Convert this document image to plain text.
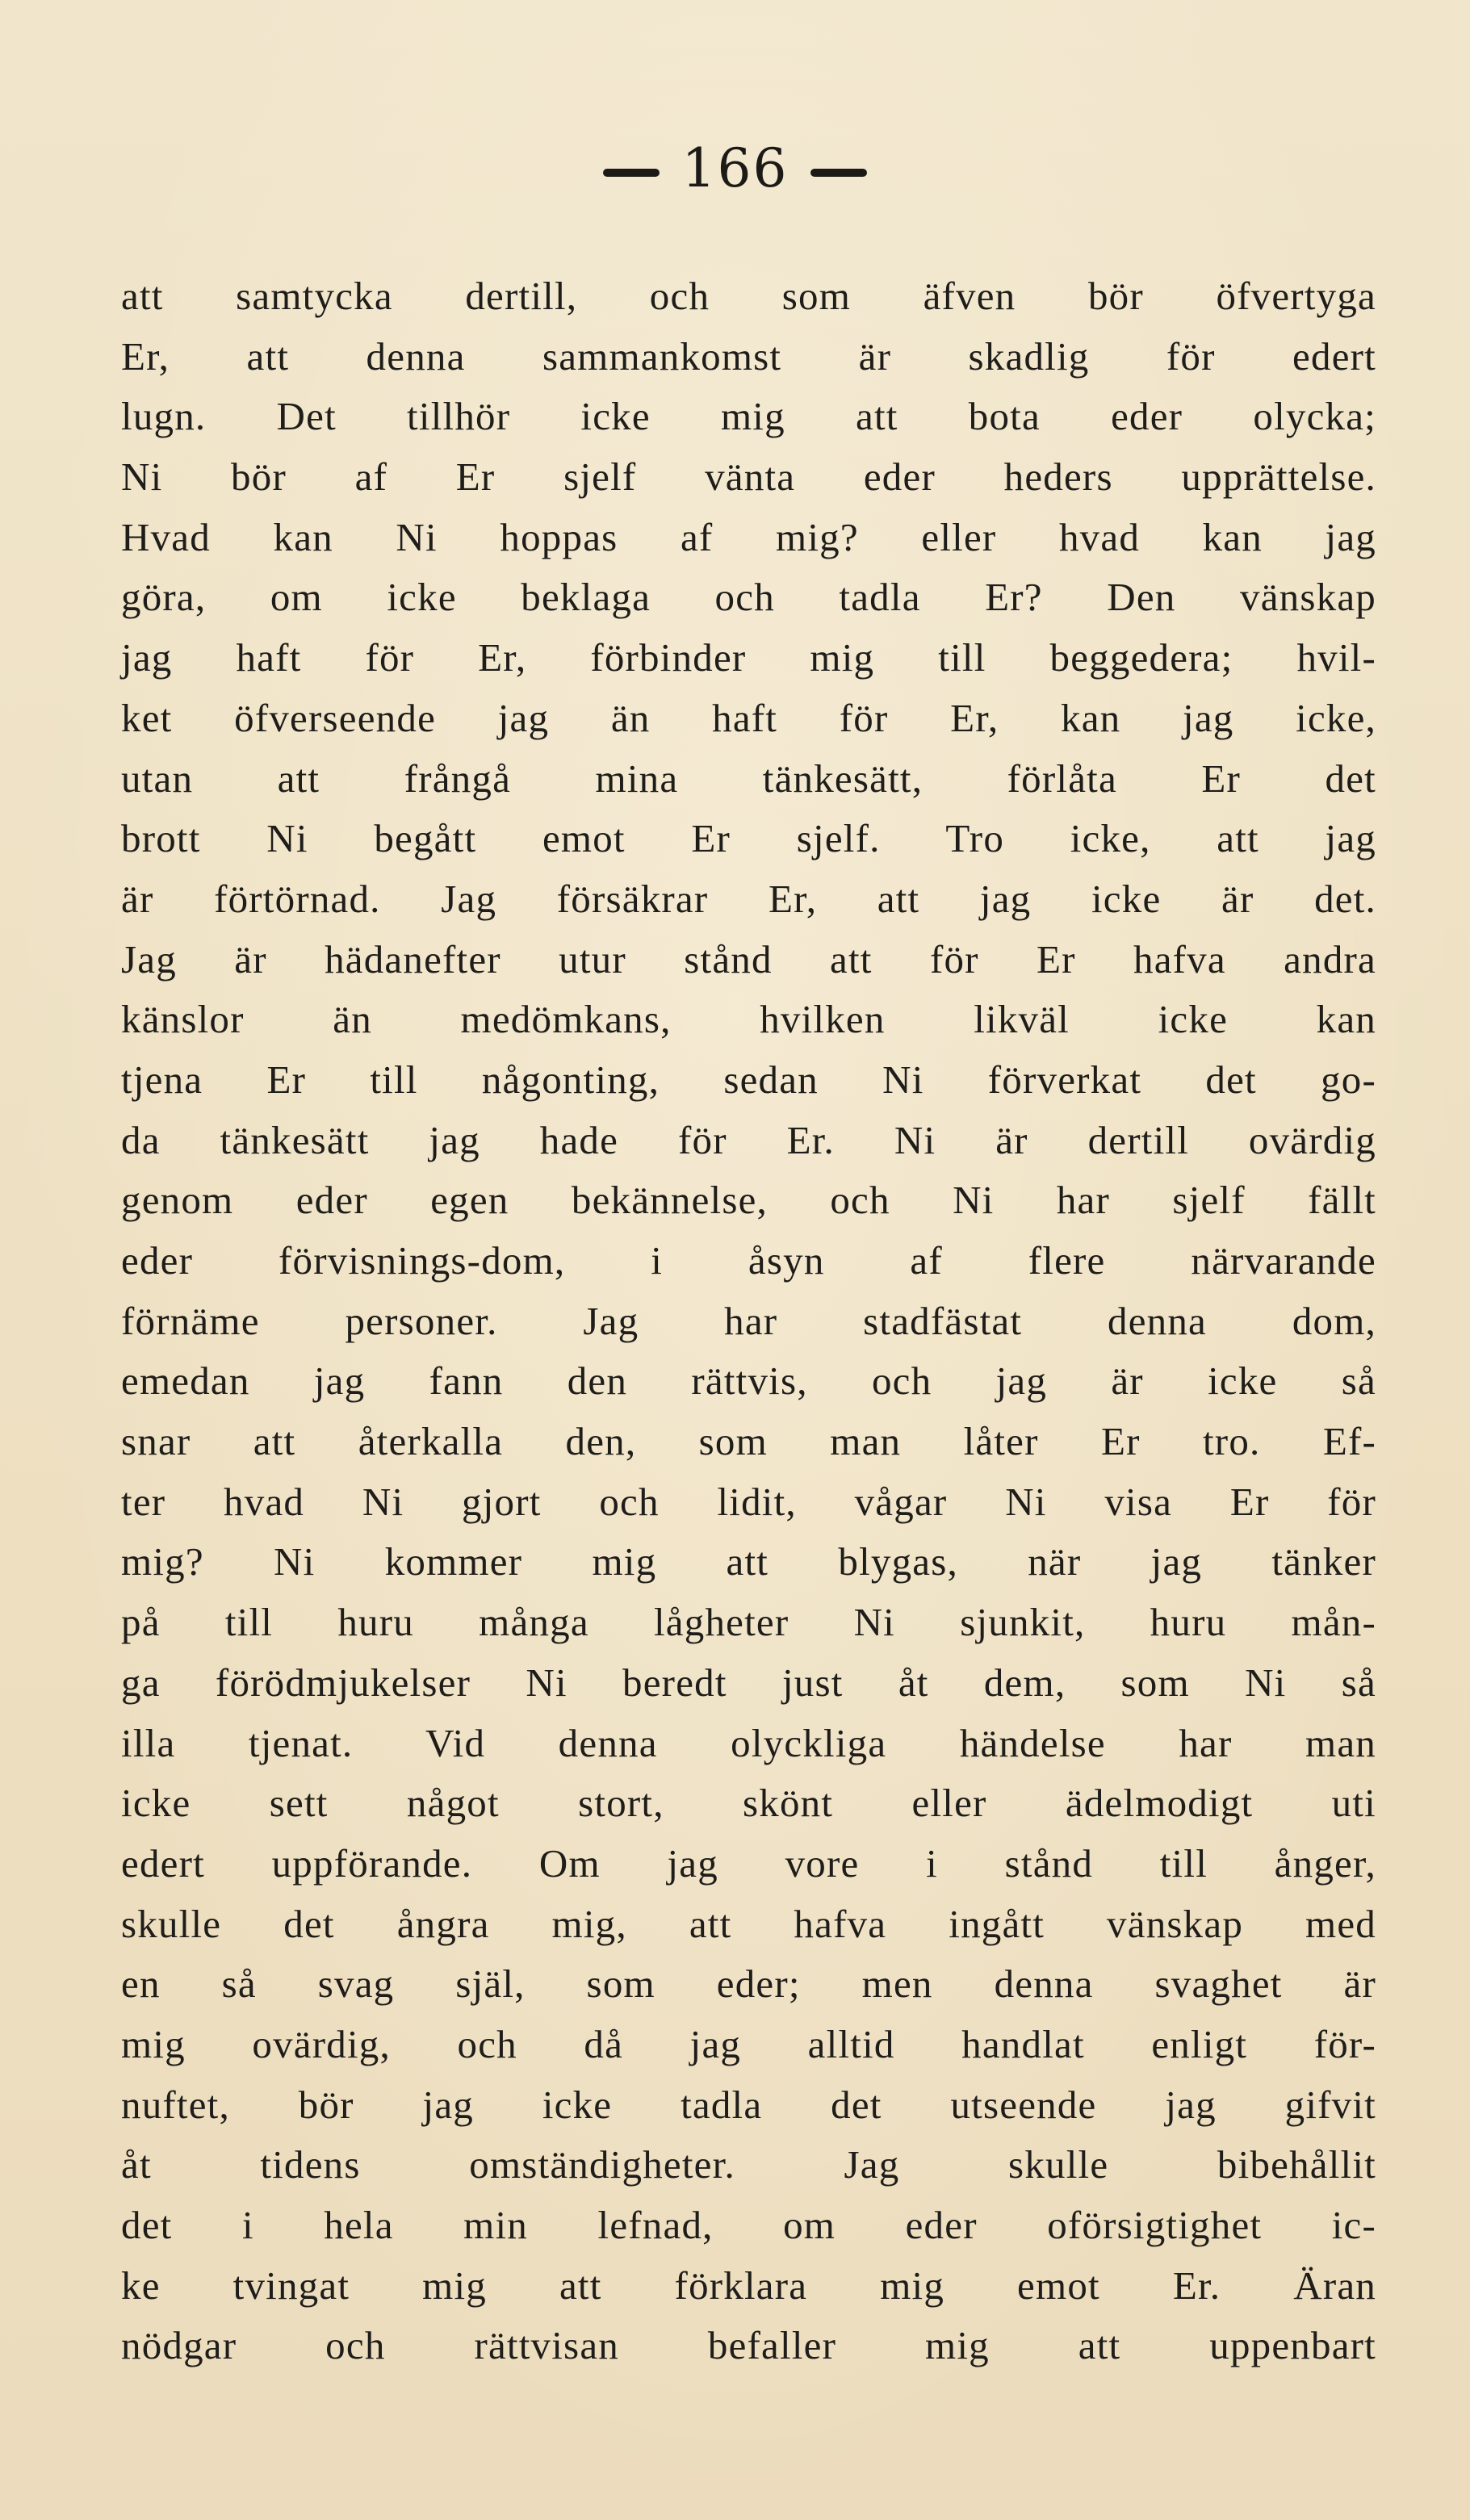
166
att samtycka dertill, och som äfven bör öfvertyga
Er, att denna sammankomst är skadlig för edert
lugn. Det tillhör icke mig att bota eder olycka;
Ni bör af Er sjelf vänta eder heders upprättelse.
Hvad kan Ni hoppas af mig? eller hvad kan jag
göra, om icke beklaga och tadla Er? Den vänskap
jag haft för Er, förbinder mig till beggedera; hvil-
ket öfverseende jag än haft för Er, kan jag icke,
utan att frångå mina tänkesätt, förlåta Er det
brott Ni begått emot Er sjelf. Tro icke, att jag
är förtörnad. Jag försäkrar Er, att jag icke är det.
Jag är hädanefter utur stånd att för Er hafva andra
känslor än medömkans, hvilken likväl icke kan
tjena Er till någonting, sedan Ni förverkat det go-
da tänkesätt jag hade för Er. Ni är dertill ovärdig
genom eder egen bekännelse, och Ni har sjelf fällt
eder förvisnings-dom, i åsyn af flere närvarande
förnäme personer. Jag har stadfästat denna dom,
emedan jag fann den rättvis, och jag är icke så
snar att återkalla den, som man låter Er tro. Ef-
ter hvad Ni gjort och lidit, vågar Ni visa Er för
mig? Ni kommer mig att blygas, när jag tänker
på till huru många lågheter Ni sjunkit, huru mån-
ga förödmjukelser Ni beredt just åt dem, som Ni så
illa tjenat. Vid denna olyckliga händelse har man
icke sett något stort, skönt eller ädelmodigt uti
edert uppförande. Om jag vore i stånd till ånger,
skulle det ångra mig, att hafva ingått vänskap med
en så svag själ, som eder; men denna svaghet är
mig ovärdig, och då jag alltid handlat enligt för-
nuftet, bör jag icke tadla det utseende jag gifvit
åt tidens omständigheter. Jag skulle bibehållit
det i hela min lefnad, om eder oförsigtighet ic-
ke tvingat mig att förklara mig emot Er. Äran
nödgar och rättvisan befaller mig att uppenbart
